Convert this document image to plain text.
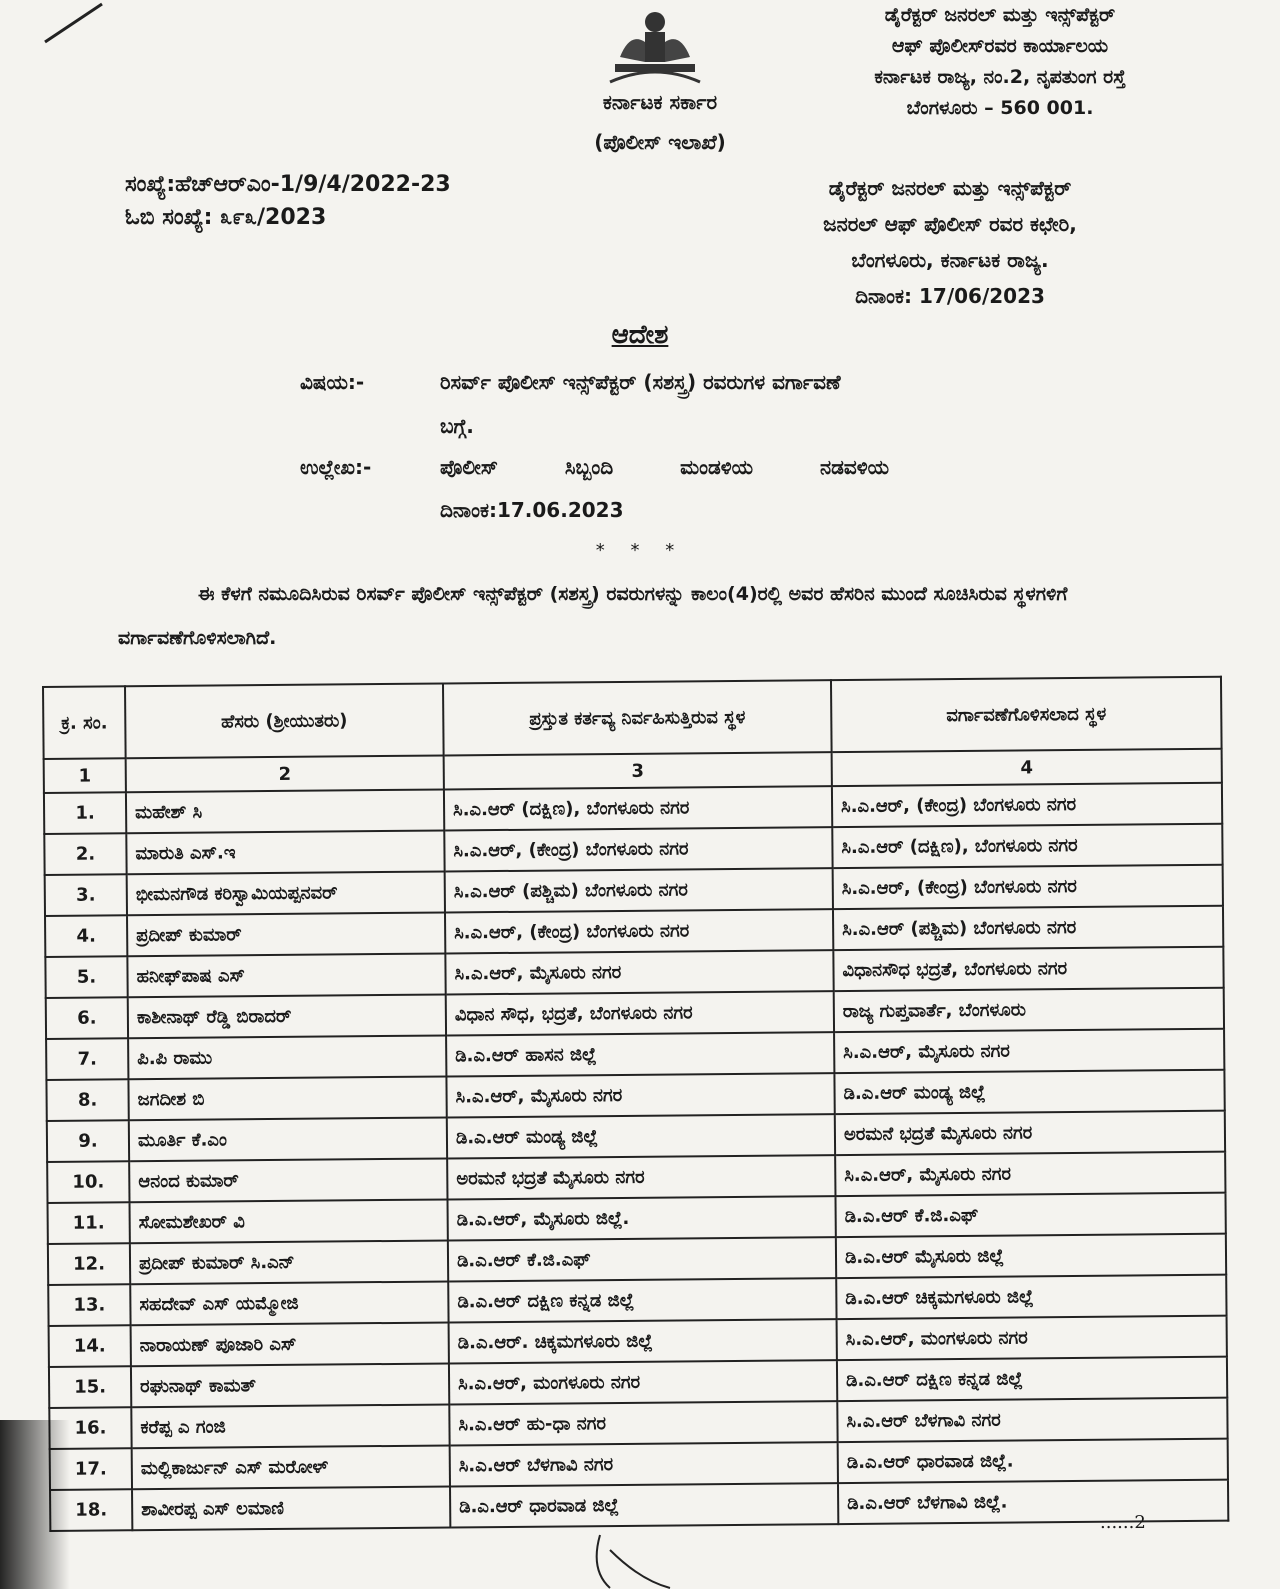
ಕರ್ನಾಟಕ ಸರ್ಕಾರ
(ಪೊಲೀಸ್ ಇಲಾಖೆ)
ಡೈರೆಕ್ಟರ್ ಜನರಲ್ ಮತ್ತು ಇನ್ಸ್‌ಪೆಕ್ಟರ್
ಆಫ್ ಪೊಲೀಸ್‌ರವರ ಕಾರ್ಯಾಲಯ
ಕರ್ನಾಟಕ ರಾಜ್ಯ, ನಂ.2, ನೃಪತುಂಗ ರಸ್ತೆ
ಬೆಂಗಳೂರು – 560 001.
ಸಂಖ್ಯೆ:ಹೆಚ್‌ಆರ್‌ಎಂ-1/9/4/2022-23
ಓಬಿ ಸಂಖ್ಯೆ: ೩೯೩/2023
ಡೈರೆಕ್ಟರ್ ಜನರಲ್ ಮತ್ತು ಇನ್ಸ್‌ಪೆಕ್ಟರ್
ಜನರಲ್ ಆಫ್ ಪೊಲೀಸ್ ರವರ ಕಛೇರಿ,
ಬೆಂಗಳೂರು, ಕರ್ನಾಟಕ ರಾಜ್ಯ.
ದಿನಾಂಕ: 17/06/2023
ಆದೇಶ
ವಿಷಯ:-	ರಿಸರ್ವ್ ಪೊಲೀಸ್ ಇನ್ಸ್‌ಪೆಕ್ಟರ್ (ಸಶಸ್ತ್ರ) ರವರುಗಳ ವರ್ಗಾವಣೆ
ಬಗ್ಗೆ.
ಉಲ್ಲೇಖ:-	ಪೊಲೀಸ್ ಸಿಬ್ಬಂದಿ ಮಂಡಳಿಯ ನಡವಳಿಯ
ದಿನಾಂಕ:17.06.2023
* * *
ಈ ಕೆಳಗೆ ನಮೂದಿಸಿರುವ ರಿಸರ್ವ್ ಪೊಲೀಸ್ ಇನ್ಸ್‌ಪೆಕ್ಟರ್ (ಸಶಸ್ತ್ರ) ರವರುಗಳನ್ನು ಕಾಲಂ(4)ರಲ್ಲಿ ಅವರ ಹೆಸರಿನ ಮುಂದೆ ಸೂಚಿಸಿರುವ ಸ್ಥಳಗಳಿಗೆ ವರ್ಗಾವಣೆಗೊಳಿಸಲಾಗಿದೆ.
ಕ್ರ. ಸಂ.	ಹೆಸರು (ಶ್ರೀಯುತರು)	ಪ್ರಸ್ತುತ ಕರ್ತವ್ಯ ನಿರ್ವಹಿಸುತ್ತಿರುವ ಸ್ಥಳ	ವರ್ಗಾವಣೆಗೊಳಿಸಲಾದ ಸ್ಥಳ
1	2	3	4
1.	ಮಹೇಶ್ ಸಿ	ಸಿ.ಎ.ಆರ್ (ದಕ್ಷಿಣ), ಬೆಂಗಳೂರು ನಗರ	ಸಿ.ಎ.ಆರ್, (ಕೇಂದ್ರ) ಬೆಂಗಳೂರು ನಗರ
2.	ಮಾರುತಿ ಎಸ್.ಇ	ಸಿ.ಎ.ಆರ್, (ಕೇಂದ್ರ) ಬೆಂಗಳೂರು ನಗರ	ಸಿ.ಎ.ಆರ್ (ದಕ್ಷಿಣ), ಬೆಂಗಳೂರು ನಗರ
3.	ಭೀಮನಗೌಡ ಕರಿಸ್ವಾಮಿಯಪ್ಪನವರ್	ಸಿ.ಎ.ಆರ್ (ಪಶ್ಚಿಮ) ಬೆಂಗಳೂರು ನಗರ	ಸಿ.ಎ.ಆರ್, (ಕೇಂದ್ರ) ಬೆಂಗಳೂರು ನಗರ
4.	ಪ್ರದೀಪ್ ಕುಮಾರ್	ಸಿ.ಎ.ಆರ್, (ಕೇಂದ್ರ) ಬೆಂಗಳೂರು ನಗರ	ಸಿ.ಎ.ಆರ್ (ಪಶ್ಚಿಮ) ಬೆಂಗಳೂರು ನಗರ
5.	ಹನೀಫ್‌ಪಾಷ ಎಸ್	ಸಿ.ಎ.ಆರ್, ಮೈಸೂರು ನಗರ	ವಿಧಾನಸೌಧ ಭದ್ರತೆ, ಬೆಂಗಳೂರು ನಗರ
6.	ಕಾಶೀನಾಥ್ ರೆಡ್ಡಿ ಬಿರಾದರ್	ವಿಧಾನ ಸೌಧ, ಭದ್ರತೆ, ಬೆಂಗಳೂರು ನಗರ	ರಾಜ್ಯ ಗುಪ್ತವಾರ್ತೆ, ಬೆಂಗಳೂರು
7.	ಪಿ.ಪಿ ರಾಮು	ಡಿ.ಎ.ಆರ್ ಹಾಸನ ಜಿಲ್ಲೆ	ಸಿ.ಎ.ಆರ್, ಮೈಸೂರು ನಗರ
8.	ಜಗದೀಶ ಬಿ	ಸಿ.ಎ.ಆರ್, ಮೈಸೂರು ನಗರ	ಡಿ.ಎ.ಆರ್ ಮಂಡ್ಯ ಜಿಲ್ಲೆ
9.	ಮೂರ್ತಿ ಕೆ.ಎಂ	ಡಿ.ಎ.ಆರ್ ಮಂಡ್ಯ ಜಿಲ್ಲೆ	ಅರಮನೆ ಭದ್ರತೆ ಮೈಸೂರು ನಗರ
10.	ಆನಂದ ಕುಮಾರ್	ಅರಮನೆ ಭದ್ರತೆ ಮೈಸೂರು ನಗರ	ಸಿ.ಎ.ಆರ್, ಮೈಸೂರು ನಗರ
11.	ಸೋಮಶೇಖರ್ ವಿ	ಡಿ.ಎ.ಆರ್, ಮೈಸೂರು ಜಿಲ್ಲೆ.	ಡಿ.ಎ.ಆರ್ ಕೆ.ಜಿ.ಎಫ್
12.	ಪ್ರದೀಪ್ ಕುಮಾರ್ ಸಿ.ಎನ್	ಡಿ.ಎ.ಆರ್ ಕೆ.ಜಿ.ಎಫ್	ಡಿ.ಎ.ಆರ್ ಮೈಸೂರು ಜಿಲ್ಲೆ
13.	ಸಹದೇವ್ ಎಸ್ ಯಮ್ಮೋಜಿ	ಡಿ.ಎ.ಆರ್ ದಕ್ಷಿಣ ಕನ್ನಡ ಜಿಲ್ಲೆ	ಡಿ.ಎ.ಆರ್ ಚಿಕ್ಕಮಗಳೂರು ಜಿಲ್ಲೆ
14.	ನಾರಾಯಣ್ ಪೂಜಾರಿ ಎಸ್	ಡಿ.ಎ.ಆರ್. ಚಿಕ್ಕಮಗಳೂರು ಜಿಲ್ಲೆ	ಸಿ.ಎ.ಆರ್, ಮಂಗಳೂರು ನಗರ
15.	ರಘುನಾಥ್ ಕಾಮತ್	ಸಿ.ಎ.ಆರ್, ಮಂಗಳೂರು ನಗರ	ಡಿ.ಎ.ಆರ್ ದಕ್ಷಿಣ ಕನ್ನಡ ಜಿಲ್ಲೆ
16.	ಕರೆಪ್ಪ ಎ ಗಂಜಿ	ಸಿ.ಎ.ಆರ್ ಹು-ಧಾ ನಗರ	ಸಿ.ಎ.ಆರ್ ಬೆಳಗಾವಿ ನಗರ
17.	ಮಲ್ಲಿಕಾರ್ಜುನ್ ಎಸ್ ಮರೋಳ್	ಸಿ.ಎ.ಆರ್ ಬೆಳಗಾವಿ ನಗರ	ಡಿ.ಎ.ಆರ್ ಧಾರವಾಡ ಜಿಲ್ಲೆ.
18.	ಶಾವೀರಪ್ಪ ಎಸ್ ಲಮಾಣಿ	ಡಿ.ಎ.ಆರ್ ಧಾರವಾಡ ಜಿಲ್ಲೆ	ಡಿ.ಎ.ಆರ್ ಬೆಳಗಾವಿ ಜಿಲ್ಲೆ.
......2
